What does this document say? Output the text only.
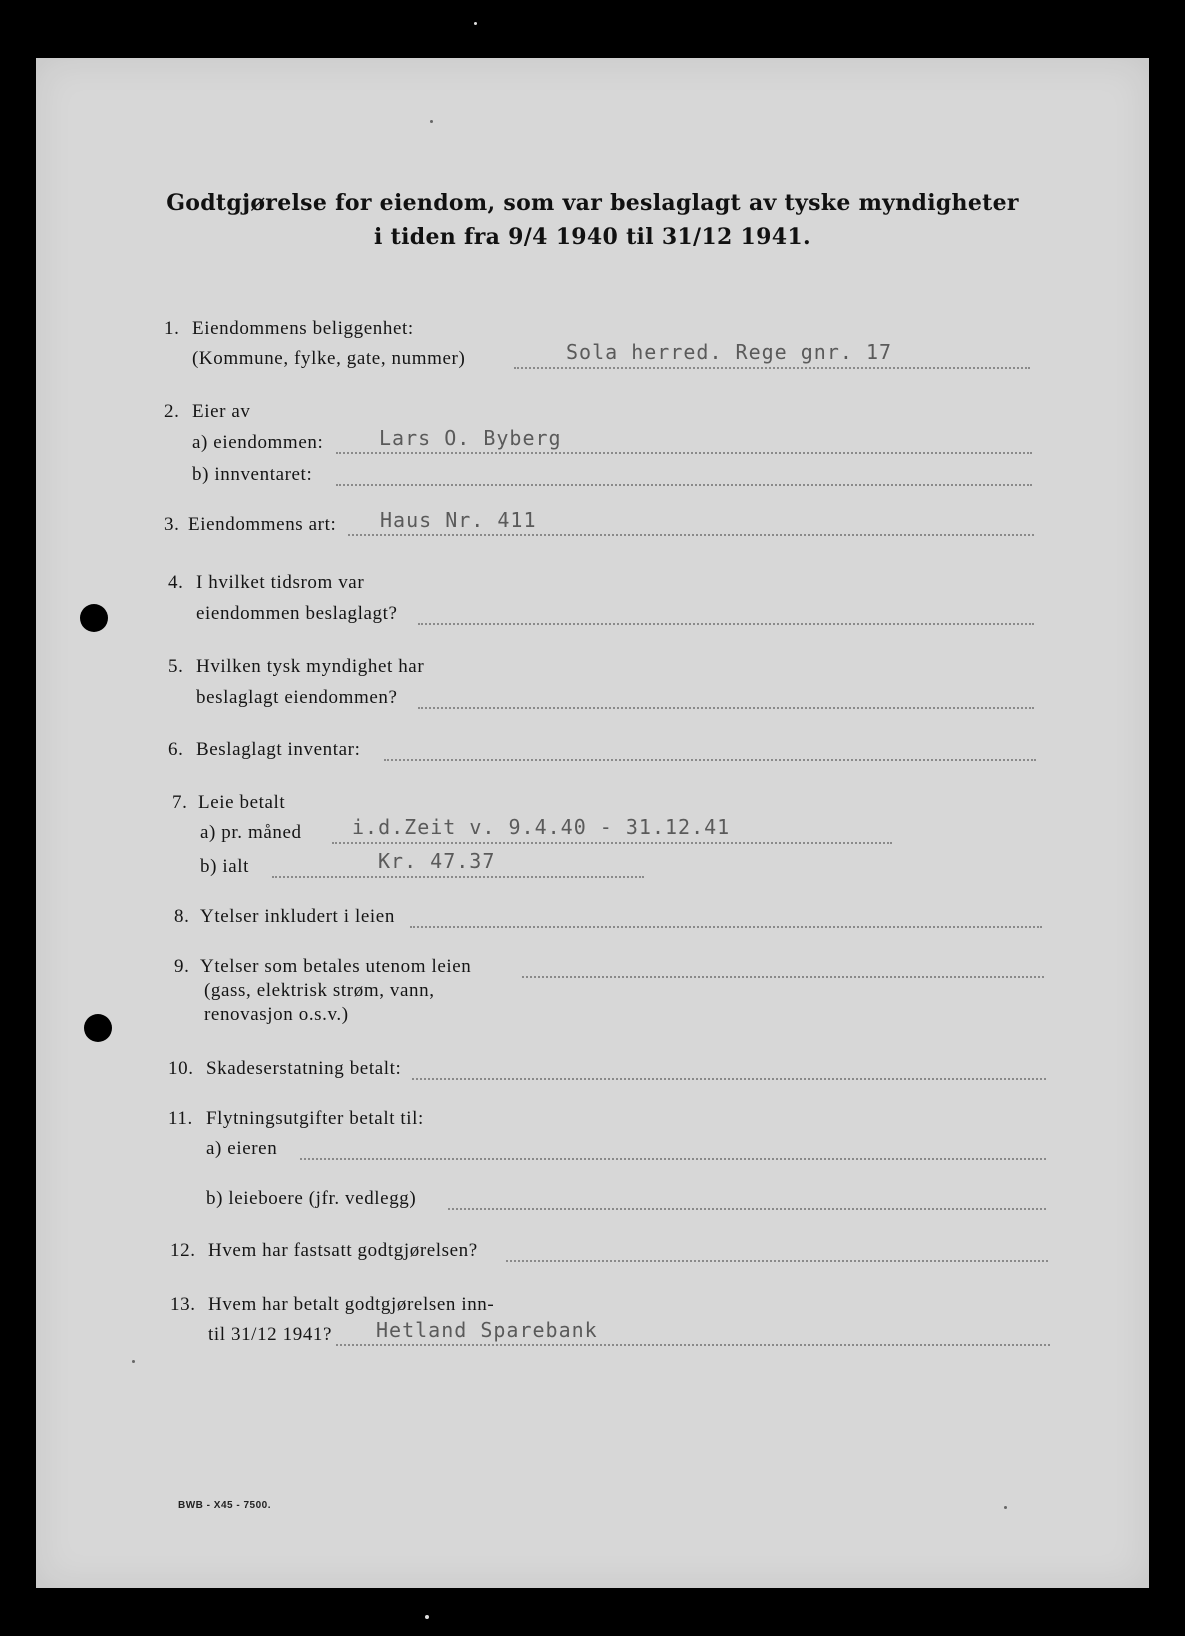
Godtgjørelse for eiendom, som var beslaglagt av tyske myndigheter
i tiden fra 9/4 1940 til 31/12 1941.
1. Eiendommens beliggenhet:
(Kommune, fylke, gate, nummer)	Sola herred. Rege gnr. 17
2. Eier av
a) eiendommen:	Lars O. Byberg
b) innventaret:
3. Eiendommens art: Haus Nr. 411
4. I hvilket tidsrom var
eiendommen beslaglagt?
5. Hvilken tysk myndighet har
beslaglagt eiendommen?
6. Beslaglagt inventar:
7. Leie betalt
a) pr. måned	i.d.Zeit v. 9.4.40 - 31.12.41
b) ialt	Kr. 47.37
8. Ytelser inkludert i leien
9. Ytelser som betales utenom leien
(gass, elektrisk strøm, vann,
renovasjon o.s.v.)
10. Skadeserstatning betalt:
11. Flytningsutgifter betalt til:
a) eieren
b) leieboere (jfr. vedlegg)
12. Hvem har fastsatt godtgjørelsen?
13. Hvem har betalt godtgjørelsen inn-
til 31/12 1941? Hetland Sparebank
BWB - X45 - 7500.
